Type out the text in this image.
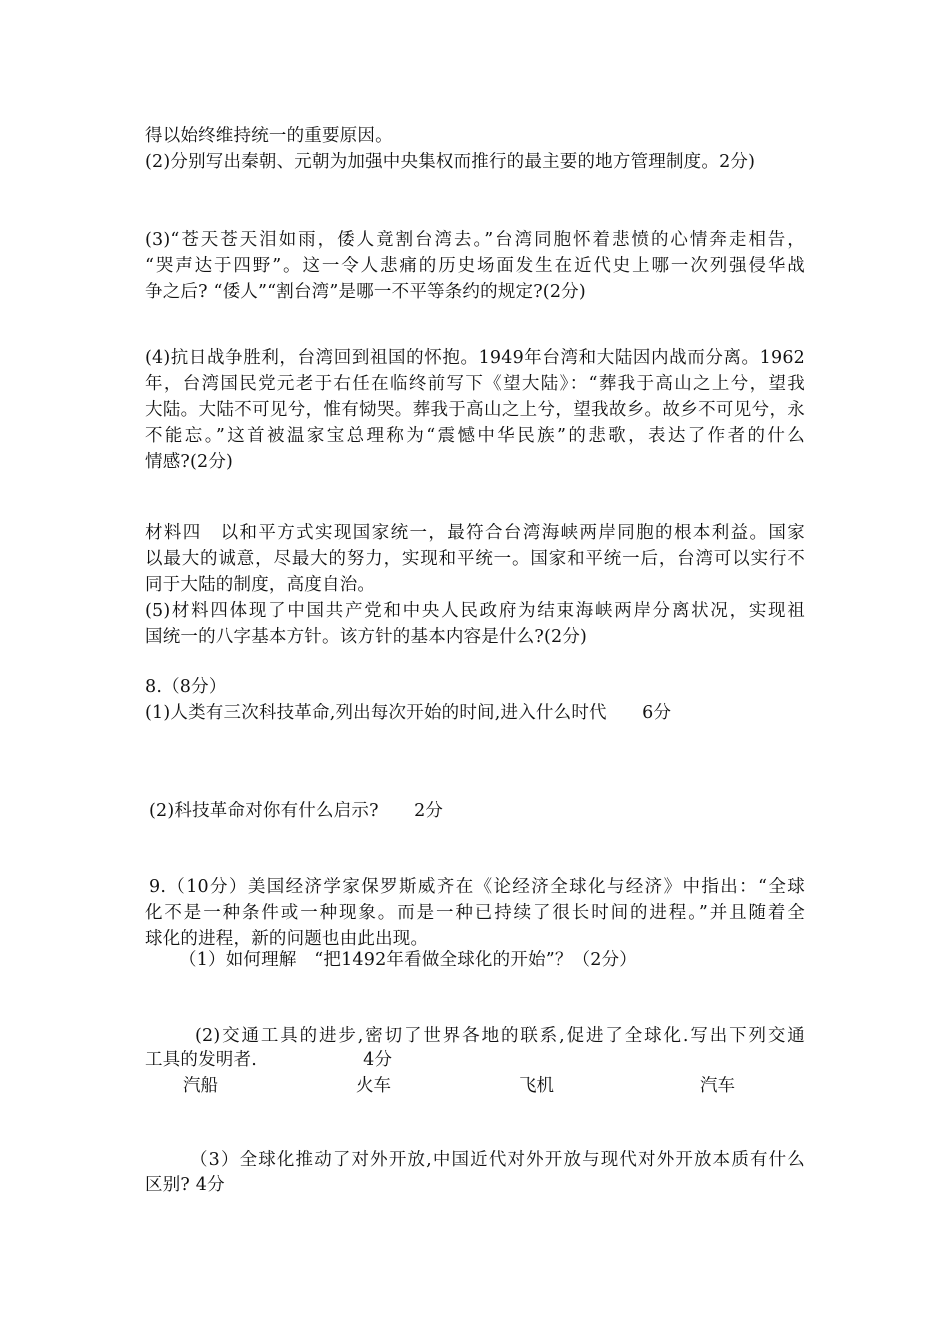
得以始终维持统一的重要原因。
(2)分别写出秦朝、元朝为加强中央集权而推行的最主要的地方管理制度。2分)
(3)“苍天苍天泪如雨，倭人竟割台湾去。”台湾同胞怀着悲愤的心情奔走相告，
“哭声达于四野”。这一令人悲痛的历史场面发生在近代史上哪一次列强侵华战
争之后? “倭人”“割台湾”是哪一不平等条约的规定?(2分)
(4)抗日战争胜利，台湾回到祖国的怀抱。1949年台湾和大陆因内战而分离。1962
年，台湾国民党元老于右任在临终前写下《望大陆》：“葬我于高山之上兮，望我
大陆。大陆不可见兮，惟有恸哭。葬我于高山之上兮，望我故乡。故乡不可见兮，永
不能忘。”这首被温家宝总理称为“震憾中华民族”的悲歌，表达了作者的什么
情感?(2分)
材料四　以和平方式实现国家统一，最符合台湾海峡两岸同胞的根本利益。国家
以最大的诚意，尽最大的努力，实现和平统一。国家和平统一后，台湾可以实行不
同于大陆的制度，高度自治。
(5)材料四体现了中国共产党和中央人民政府为结束海峡两岸分离状况，实现祖
国统一的八字基本方针。该方针的基本内容是什么?(2分)
8.（8分）
(1)人类有三次科技革命,列出每次开始的时间,进入什么时代　　6分
(2)科技革命对你有什么启示?　　2分
9.（10分）美国经济学家保罗斯威齐在《论经济全球化与经济》中指出：“全球
化不是一种条件或一种现象。而是一种已持续了很长时间的进程。”并且随着全
球化的进程，新的问题也由此出现。
（1）如何理解　“把1492年看做全球化的开始”？（2分）
(2)交通工具的进步,密切了世界各地的联系,促进了全球化.写出下列交通
工具的发明者.　　　　　　4分
汽船	火车	飞机	汽车
（3）全球化推动了对外开放,中国近代对外开放与现代对外开放本质有什么
区别? 4分
